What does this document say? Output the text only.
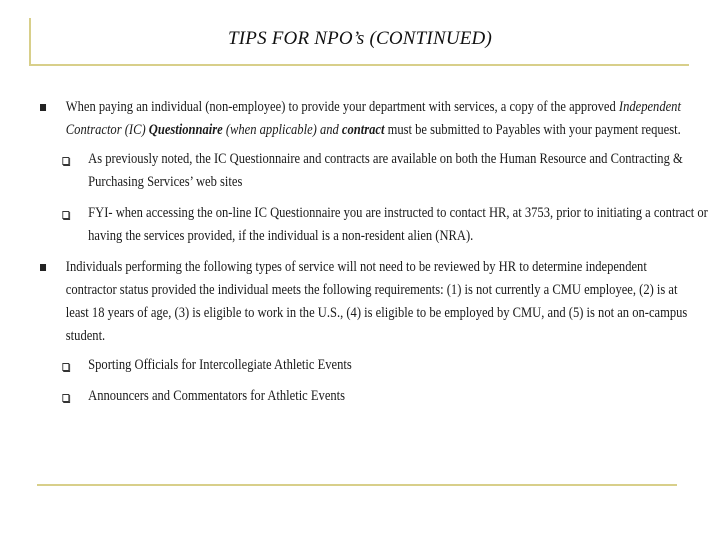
TIPS FOR NPO’s (CONTINUED)
When paying an individual (non-employee) to provide your department with services, a copy of the approved Independent Contractor (IC) Questionnaire (when applicable) and contract must be submitted to Payables with your payment request.
As previously noted, the IC Questionnaire and contracts are available on both the Human Resource and Contracting & Purchasing Services’ web sites
FYI- when accessing the on-line IC Questionnaire you are instructed to contact HR, at 3753, prior to initiating a contract or having the services provided, if the individual is a non-resident alien (NRA).
Individuals performing the following types of service will not need to be reviewed by HR to determine independent contractor status provided the individual meets the following requirements: (1) is not currently a CMU employee, (2) is at least 18 years of age, (3) is eligible to work in the U.S., (4) is eligible to be employed by CMU, and (5) is not an on-campus student.
Sporting Officials for Intercollegiate Athletic Events
Announcers and Commentators for Athletic Events
